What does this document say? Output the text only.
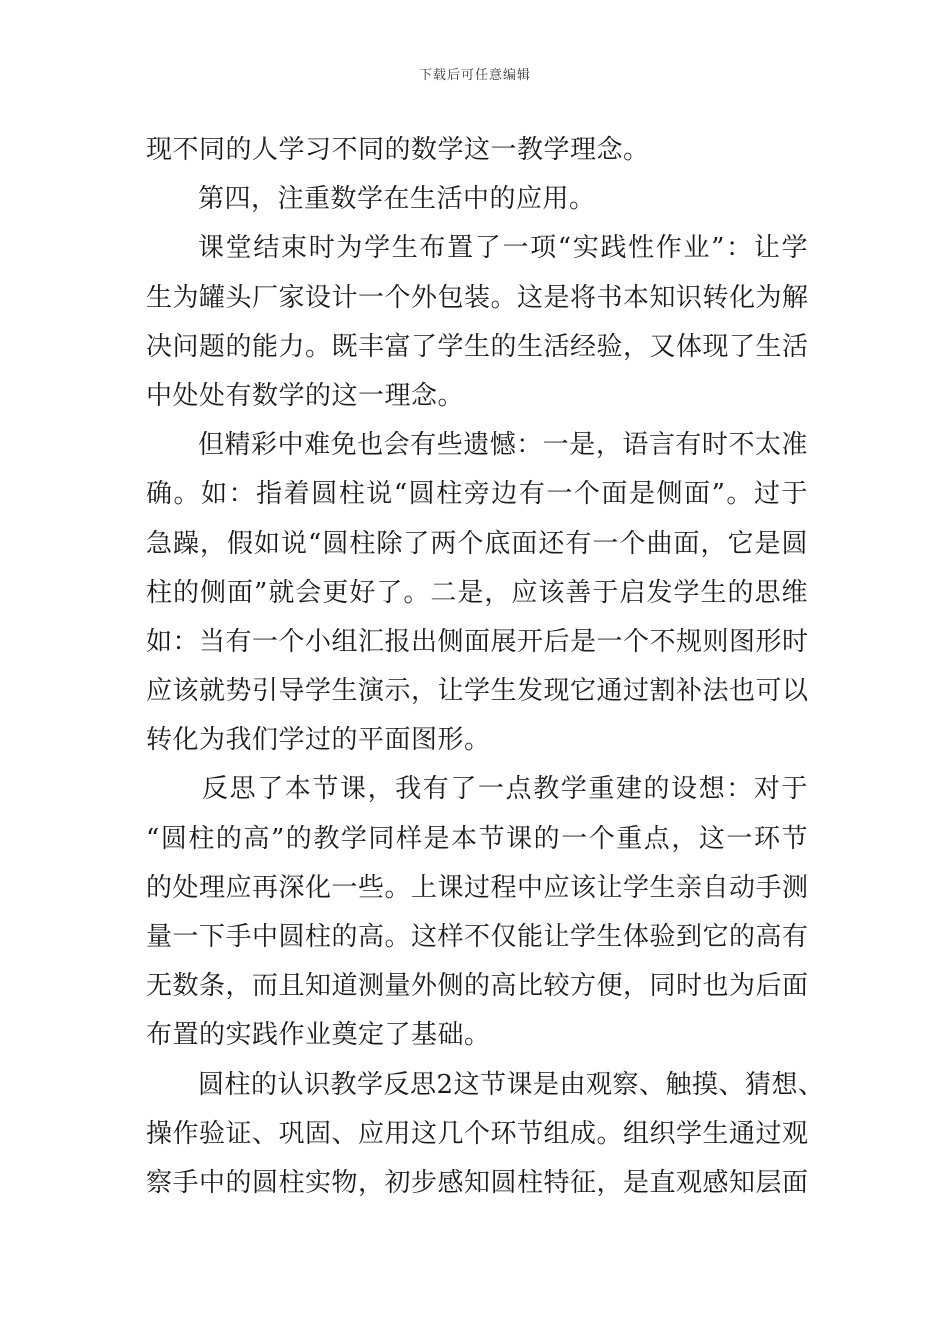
下载后可任意编辑
现不同的人学习不同的数学这一教学理念。
第四，注重数学在生活中的应用。
课堂结束时为学生布置了一项“实践性作业”：让学
生为罐头厂家设计一个外包装。这是将书本知识转化为解
决问题的能力。既丰富了学生的生活经验，又体现了生活
中处处有数学的这一理念。
但精彩中难免也会有些遗憾：一是，语言有时不太准
确。如：指着圆柱说“圆柱旁边有一个面是侧面”。过于
急躁，假如说“圆柱除了两个底面还有一个曲面，它是圆
柱的侧面”就会更好了。二是，应该善于启发学生的思维
如：当有一个小组汇报出侧面展开后是一个不规则图形时
应该就势引导学生演示，让学生发现它通过割补法也可以
转化为我们学过的平面图形。
反思了本节课，我有了一点教学重建的设想：对于
“圆柱的高”的教学同样是本节课的一个重点，这一环节
的处理应再深化一些。上课过程中应该让学生亲自动手测
量一下手中圆柱的高。这样不仅能让学生体验到它的高有
无数条，而且知道测量外侧的高比较方便，同时也为后面
布置的实践作业奠定了基础。
圆柱的认识教学反思2这节课是由观察、触摸、猜想、
操作验证、巩固、应用这几个环节组成。组织学生通过观
察手中的圆柱实物，初步感知圆柱特征，是直观感知层面
